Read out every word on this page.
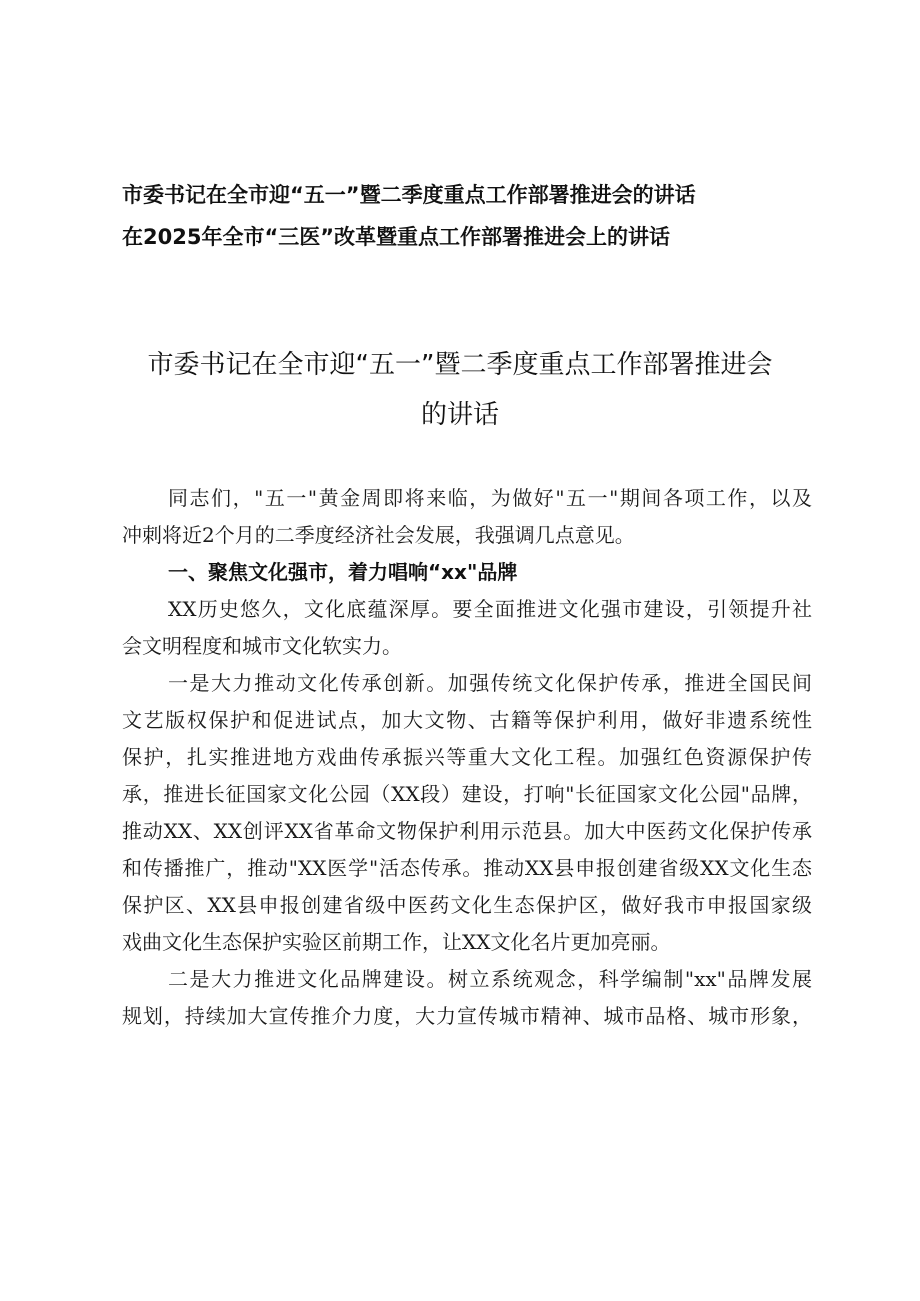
市委书记在全市迎“五一”暨二季度重点工作部署推进会的讲话
在2025年全市“三医”改革暨重点工作部署推进会上的讲话
市委书记在全市迎“五一”暨二季度重点工作部署推进会
的讲话
同志们，"五一"黄金周即将来临，为做好"五一"期间各项工作，以及
冲刺将近2个月的二季度经济社会发展，我强调几点意见。
一、聚焦文化强市，着力唱响“xx"品牌
XX历史悠久，文化底蕴深厚。要全面推进文化强市建设，引领提升社
会文明程度和城市文化软实力。
一是大力推动文化传承创新。加强传统文化保护传承，推进全国民间
文艺版权保护和促进试点，加大文物、古籍等保护利用，做好非遗系统性
保护，扎实推进地方戏曲传承振兴等重大文化工程。加强红色资源保护传
承，推进长征国家文化公园（XX段）建设，打响"长征国家文化公园"品牌，
推动XX、XX创评XX省革命文物保护利用示范县。加大中医药文化保护传承
和传播推广，推动"XX医学"活态传承。推动XX县申报创建省级XX文化生态
保护区、XX县申报创建省级中医药文化生态保护区，做好我市申报国家级
戏曲文化生态保护实验区前期工作，让XX文化名片更加亮丽。
二是大力推进文化品牌建设。树立系统观念，科学编制"xx"品牌发展
规划，持续加大宣传推介力度，大力宣传城市精神、城市品格、城市形象，
